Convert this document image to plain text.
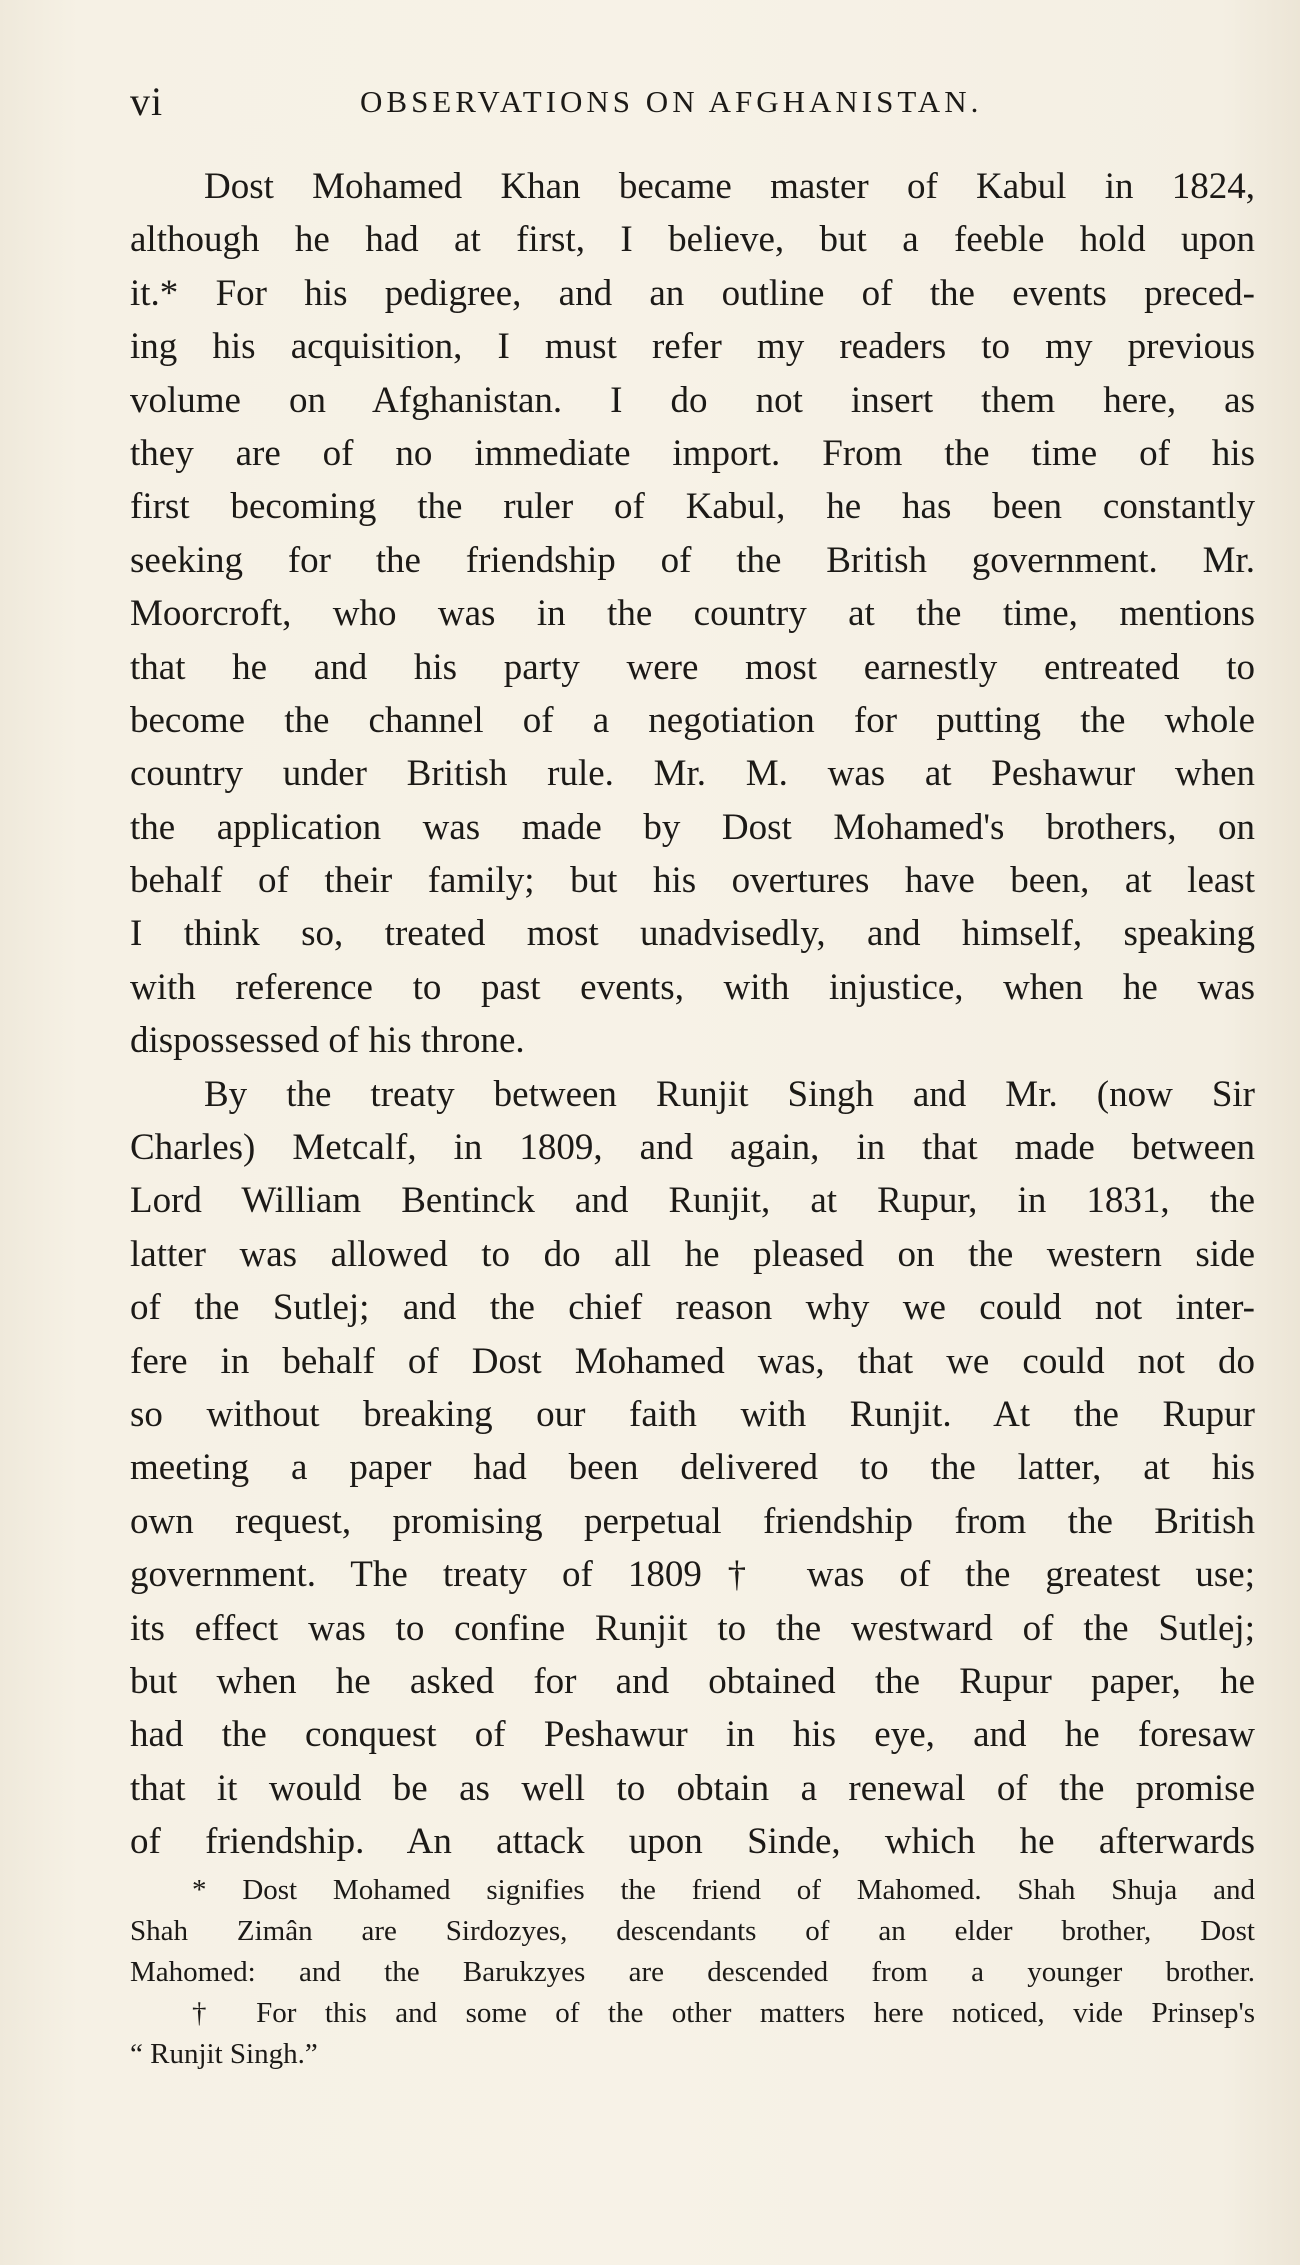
vi	OBSERVATIONS ON AFGHANISTAN.
Dost Mohamed Khan became master of Kabul in 1824,
although he had at first, I believe, but a feeble hold upon
it.* For his pedigree, and an outline of the events preced-
ing his acquisition, I must refer my readers to my previous
volume on Afghanistan. I do not insert them here, as
they are of no immediate import. From the time of his
first becoming the ruler of Kabul, he has been constantly
seeking for the friendship of the British government. Mr.
Moorcroft, who was in the country at the time, mentions
that he and his party were most earnestly entreated to
become the channel of a negotiation for putting the whole
country under British rule. Mr. M. was at Peshawur when
the application was made by Dost Mohamed's brothers, on
behalf of their family; but his overtures have been, at least
I think so, treated most unadvisedly, and himself, speaking
with reference to past events, with injustice, when he was
dispossessed of his throne.
By the treaty between Runjit Singh and Mr. (now Sir
Charles) Metcalf, in 1809, and again, in that made between
Lord William Bentinck and Runjit, at Rupur, in 1831, the
latter was allowed to do all he pleased on the western side
of the Sutlej; and the chief reason why we could not inter-
fere in behalf of Dost Mohamed was, that we could not do
so without breaking our faith with Runjit. At the Rupur
meeting a paper had been delivered to the latter, at his
own request, promising perpetual friendship from the British
government. The treaty of 1809† was of the greatest use;
its effect was to confine Runjit to the westward of the Sutlej;
but when he asked for and obtained the Rupur paper, he
had the conquest of Peshawur in his eye, and he foresaw
that it would be as well to obtain a renewal of the promise
of friendship. An attack upon Sinde, which he afterwards
* Dost Mohamed signifies the friend of Mahomed. Shah Shuja and
Shah Zimân are Sirdozyes, descendants of an elder brother, Dost
Mahomed: and the Barukzyes are descended from a younger brother.
† For this and some of the other matters here noticed, vide Prinsep's
“ Runjit Singh.”
